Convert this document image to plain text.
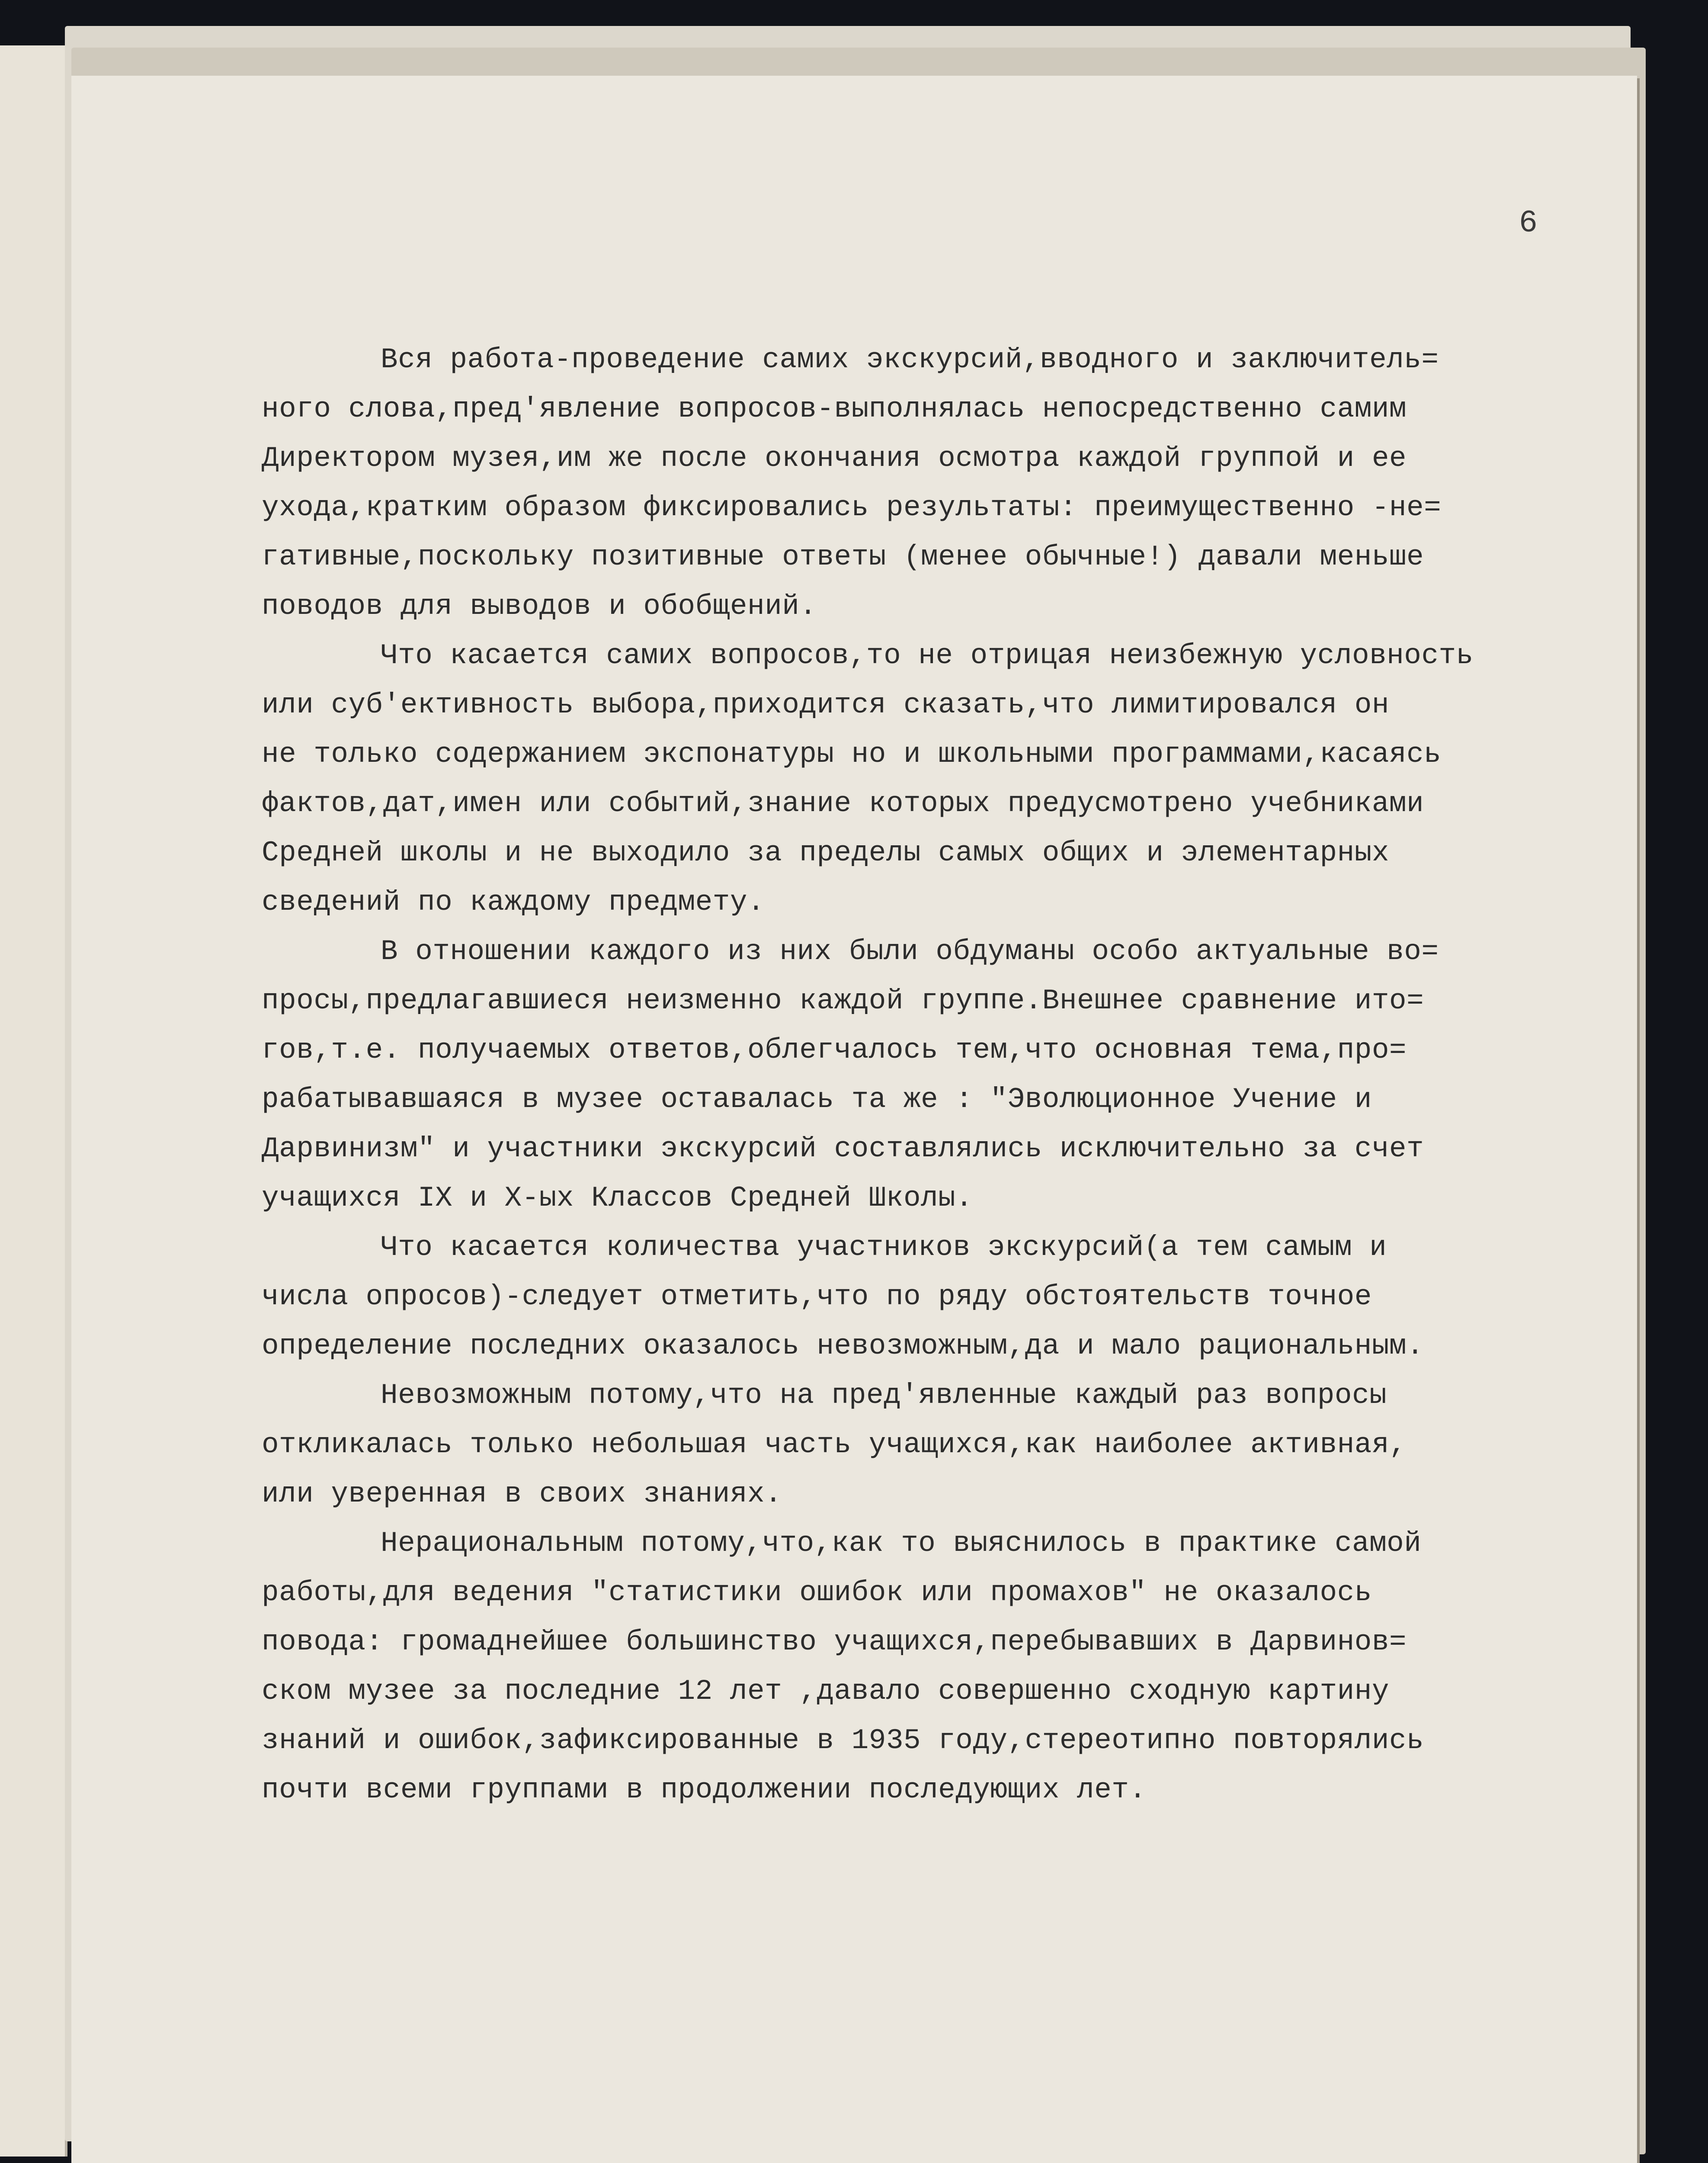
6
Вся работа-проведение самих экскурсий,вводного и заключитель=
ного слова,пред'явление вопросов-выполнялась непосредственно самим
Директором музея,им же после окончания осмотра каждой группой и ее
ухода,кратким образом фиксировались результаты: преимущественно -не=
гативные,поскольку позитивные ответы (менее обычные!) давали меньше
поводов для выводов и обобщений.
Что касается самих вопросов,то не отрицая неизбежную условность
или суб'ективность выбора,приходится сказать,что лимитировался он
не только содержанием экспонатуры но и школьными программами,касаясь
фактов,дат,имен или событий,знание которых предусмотрено учебниками
Средней школы и не выходило за пределы самых общих и элементарных
сведений по каждому предмету.
В отношении каждого из них были обдуманы особо актуальные во=
просы,предлагавшиеся неизменно каждой группе.Внешнее сравнение ито=
гов,т.е. получаемых ответов,облегчалось тем,что основная тема,про=
рабатывавшаяся в музее оставалась та же : "Эволюционное Учение и
Дарвинизм" и участники экскурсий составлялись исключительно за счет
учащихся IX и X-ых Классов Средней Школы.
Что касается количества участников экскурсий(а тем самым и
числа опросов)-следует отметить,что по ряду обстоятельств точное
определение последних оказалось невозможным,да и мало рациональным.
Невозможным потому,что на пред'явленные каждый раз вопросы
откликалась только небольшая часть учащихся,как наиболее активная,
или уверенная в своих знаниях.
Нерациональным потому,что,как то выяснилось в практике самой
работы,для ведения "статистики ошибок или промахов" не оказалось
повода: громаднейшее большинство учащихся,перебывавших в Дарвинов=
ском музее за последние 12 лет ,давало совершенно сходную картину
знаний и ошибок,зафиксированные в 1935 году,стереотипно повторялись
почти всеми группами в продолжении последующих лет.
